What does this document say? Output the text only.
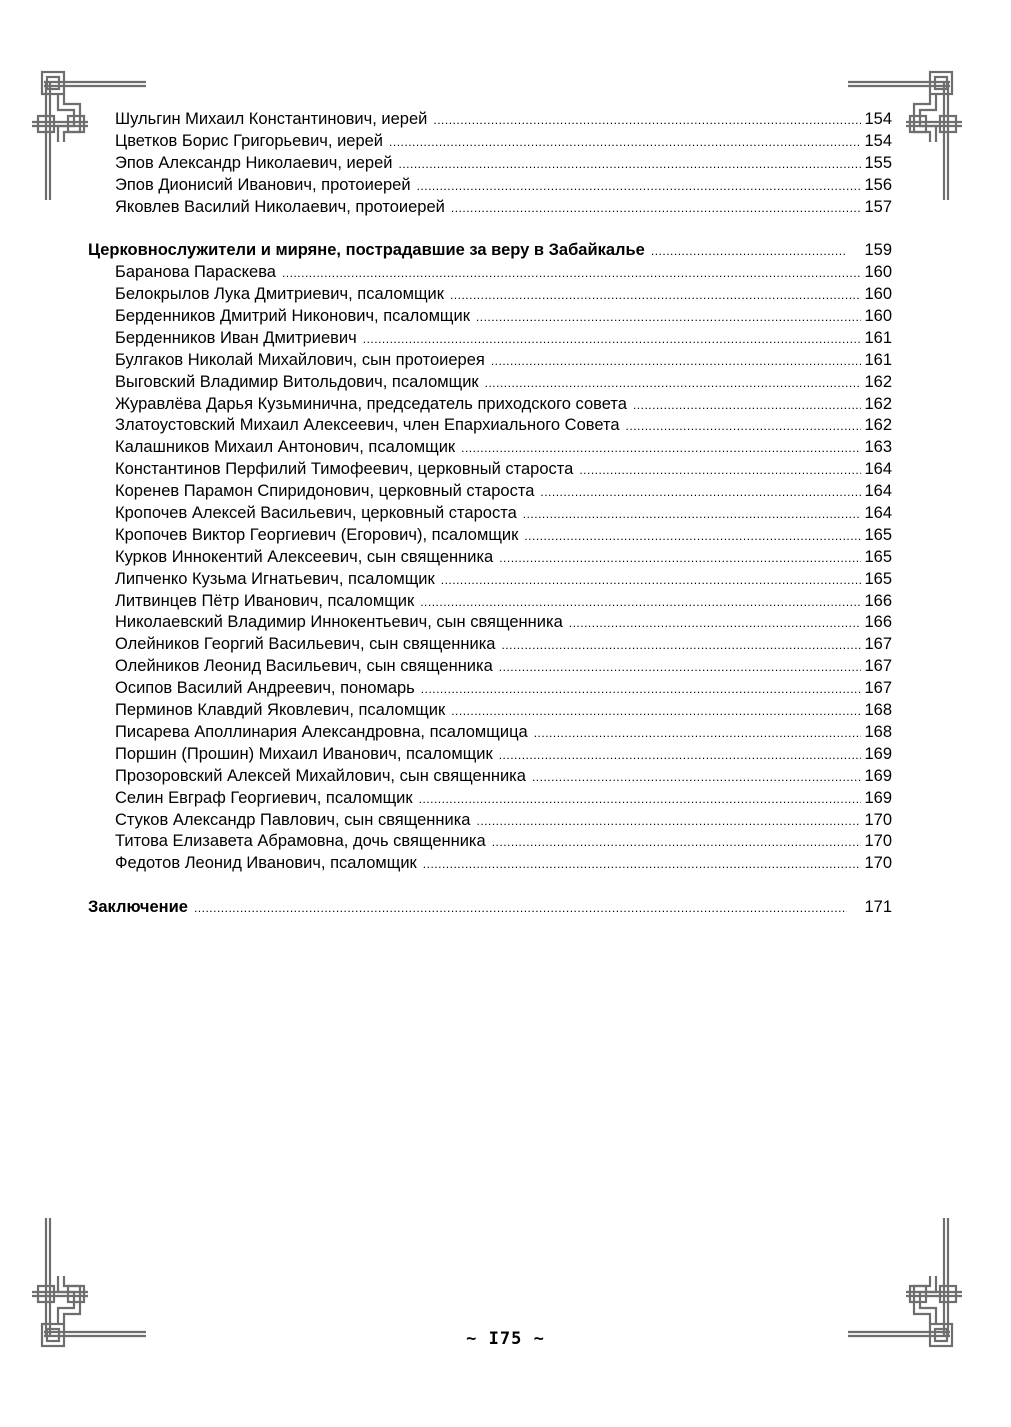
Шульгин Михаил Константинович, иерей .....	154
Цветков Борис Григорьевич, иерей .....	154
Эпов Александр Николаевич, иерей .....	155
Эпов Дионисий Иванович, протоиерей .....	156
Яковлев Василий Николаевич, протоиерей .....	157
Церковнослужители и миряне, пострадавшие за веру в Забайкалье .....	159
Баранова Параскева .....	160
Белокрылов Лука Дмитриевич, псаломщик .....	160
Берденников Дмитрий Никонович, псаломщик .....	160
Берденников Иван Дмитриевич .....	161
Булгаков Николай Михайлович, сын протоиерея .....	161
Выговский Владимир Витольдович, псаломщик .....	162
Журавлёва Дарья Кузьминична, председатель приходского совета .....	162
Златоустовский Михаил Алексеевич, член Епархиального Совета .....	162
Калашников Михаил Антонович, псаломщик .....	163
Константинов Перфилий Тимофеевич, церковный староста .....	164
Коренев Парамон Спиридонович, церковный староста .....	164
Кропочев Алексей Васильевич, церковный староста .....	164
Кропочев Виктор Георгиевич (Егорович), псаломщик .....	165
Курков Иннокентий Алексеевич, сын священника .....	165
Липченко Кузьма Игнатьевич, псаломщик .....	165
Литвинцев Пётр Иванович, псаломщик .....	166
Николаевский Владимир Иннокентьевич, сын священника .....	166
Олейников Георгий Васильевич, сын священника .....	167
Олейников Леонид Васильевич, сын священника .....	167
Осипов Василий Андреевич, пономарь .....	167
Перминов Клавдий Яковлевич, псаломщик .....	168
Писарева Аполлинария Александровна, псаломщица .....	168
Поршин (Прошин) Михаил Иванович, псаломщик .....	169
Прозоровский Алексей Михайлович, сын священника .....	169
Селин Евграф Георгиевич, псаломщик .....	169
Стуков Александр Павлович, сын священника .....	170
Титова Елизавета Абрамовна, дочь священника .....	170
Федотов Леонид Иванович, псаломщик .....	170
Заключение .....	171
~ I75 ~
